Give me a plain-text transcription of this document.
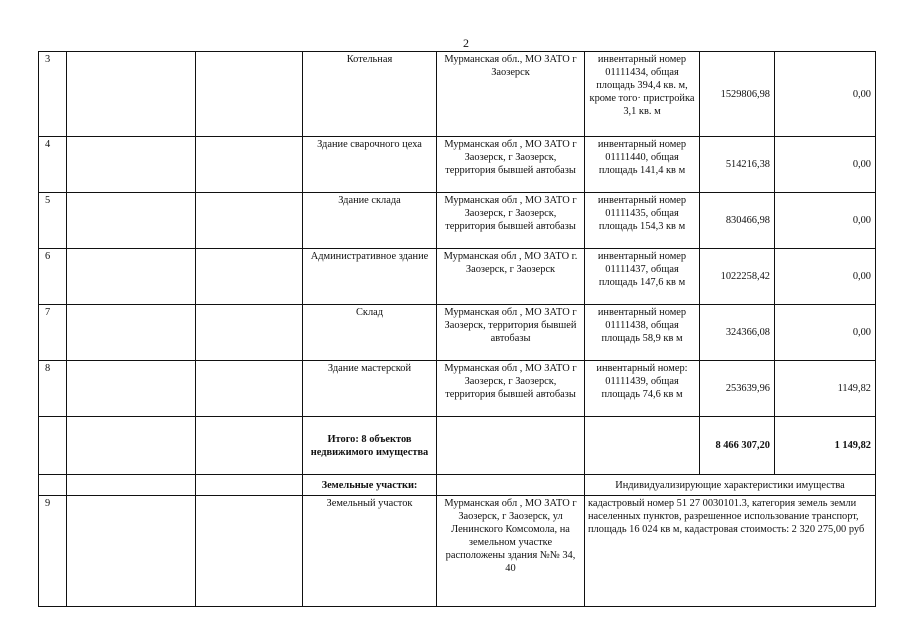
2
3			Котельная	Мурманская обл., МО ЗАТО г Заозерск	инвентарный номер 01111434, общая площадь 394,4 кв. м, кроме того· пристройка 3,1 кв. м	1529806,98	0,00
4			Здание сварочного цеха	Мурманская обл , МО ЗАТО г Заозерск, г Заозерск, территория бывшей автобазы	инвентарный номер 01111440, общая площадь 141,4 кв м	514216,38	0,00
5			Здание склада	Мурманская обл , МО ЗАТО г Заозерск, г Заозерск, территория бывшей автобазы	инвентарный номер 01111435, общая площадь 154,3 кв м	830466,98	0,00
6			Административное здание	Мурманская обл , МО ЗАТО г. Заозерск, г Заозерск	инвентарный номер 01111437, общая площадь 147,6 кв м	1022258,42	0,00
7			Склад	Мурманская обл , МО ЗАТО г Заозерск, территория бывшей автобазы	инвентарный номер 01111438, общая площадь 58,9 кв м	324366,08	0,00
8			Здание мастерской	Мурманская обл , МО ЗАТО г Заозерск, г Заозерск, территория бывшей автобазы	инвентарный номер: 01111439, общая площадь 74,6 кв м	253639,96	1149,82
			Итого: 8 объектов недвижимого имущества			8 466 307,20	1 149,82
			Земельные участки:		Индивидуализирующие характеристики имущества		
9			Земельный участок	Мурманская обл , МО ЗАТО г Заозерск, г Заозерск, ул Ленинского Комсомола, на земельном участке расположены здания №№ 34, 40	кадастровый номер 51 27 0030101.3, категория земель земли населенных пунктов, разрешенное использование транспорт, площадь 16 024 кв м, кадастровая стоимость: 2 320 275,00 руб		
